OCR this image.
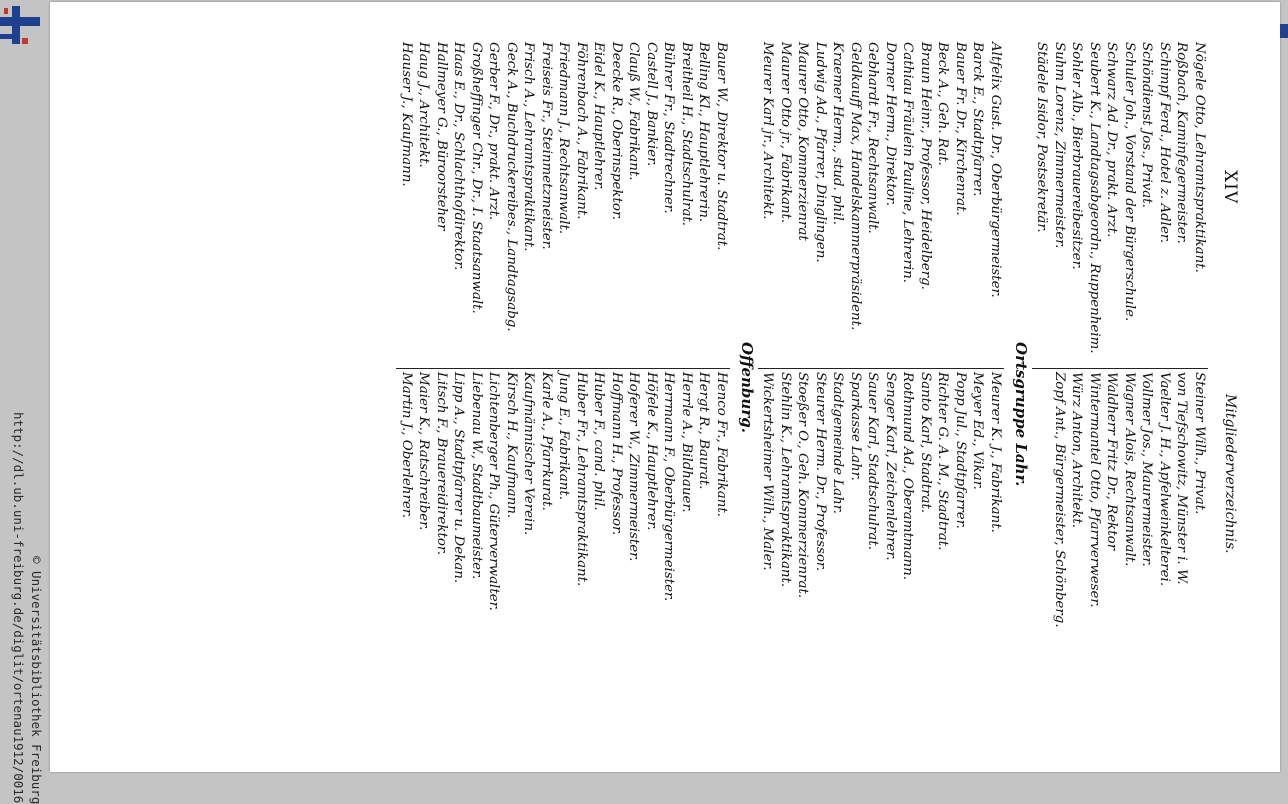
http://dl.ub.uni-freiburg.de/diglit/ortenau1912/0016 © Universitätsbibliothek Freiburg
XIV
Mitgliederverzeichnis.
Nögele Otto, Lehramtspraktikant.
Roßbach, Kaminfegermeister.
Schimpf Ferd., Hotel z. Adler.
Schöndienst Jos., Privat.
Schuler Joh., Vorstand der Bürgerschule.
Schwarz Ad. Dr., prakt. Arzt.
Seubert K., Landtagsabgeordn., Ruppenheim.
Sohler Alb., Bierbrauereibesitzer.
Suhm Lorenz, Zimmermeister.
Städele Isidor, Postsekretär.
Steiner Wilh., Privat.
von Tiefschowitz, Münster i. W.
Vaelter J. H., Apfelweinkelterei.
Vollmer Jos., Maurermeister.
Wagner Alois, Rechtsanwalt.
Waldherr Fritz Dr., Rektor
Wintermantel Otto, Pfarrverweser.
Würz Anton, Architekt.
Zopf Ant., Bürgermeister, Schönberg.
Ortsgruppe Lahr.
Altfelix Gust. Dr., Oberbürgermeister.
Barck E., Stadtpfarrer.
Bauer Fr. Dr., Kirchenrat.
Beck A., Geh. Rat.
Braun Heinr., Professor, Heidelberg.
Cathiau Fräulein Pauline, Lehrerin.
Dorner Herm., Direktor.
Gebhardt Fr., Rechtsanwalt.
Geldkauff Max, Handelskammerpräsident.
Kraemer Herm., stud. phil.
Ludwig Ad., Pfarrer, Dinglingen.
Maurer Otto, Kommerzienrat
Maurer Otto jr., Fabrikant.
Meurer Karl jr., Architekt.
Meurer K. J., Fabrikant.
Meyer Ed., Vikar.
Popp Jul., Stadtpfarrer.
Richter G. A. M., Stadtrat.
Santo Karl, Stadtrat.
Rothmund Ad., Oberamtmann.
Senger Karl, Zeichenlehrer.
Sauer Karl, Stadtschulrat.
Sparkasse Lahr.
Stadtgemeinde Lahr.
Steurer Herm. Dr., Professor.
Stoeßer O., Geh. Kommerzienrat.
Stehlin K., Lehramtspraktikant.
Wickertsheimer Wilh., Maler.
Offenburg.
Bauer W., Direktor u. Stadtrat.
Belling Kl., Hauptlehrerin.
Breitheil H., Stadtschulrat.
Bührer Fr., Stadtrechner.
Castell J., Bankier.
Clauß W., Fabrikant.
Deecke R., Oberinspektor.
Eidel K., Hauptlehrer.
Föhrenbach A., Fabrikant.
Friedmann J., Rechtsanwalt.
Freiseis Fr., Steinmetzmeister.
Frisch A., Lehramtspraktikant.
Geck A., Buchdruckereibes., Landtagsabg.
Gerber F., Dr., prakt. Arzt.
Großheffinger Chr., Dr., I. Staatsanwalt.
Haas E., Dr., Schlachthofdirektor.
Hallmeyer G., Büroorsteher
Haug J., Architekt.
Hauser J., Kaufmann.
Henco Fr., Fabrikant.
Hergt R., Baurat.
Herrle A., Bildhauer.
Herrmann F., Oberbürgermeister.
Höfele K., Hauptlehrer.
Hoferer W., Zimmermeister.
Hoffmann H., Professor.
Huber F., cand. phil.
Huber Fr., Lehramtspraktikant.
Jung E., Fabrikant.
Karle A., Pfarrkurat.
Kaufmännischer Verein.
Kirsch H., Kaufmann.
Lichtenberger Ph., Güterverwalter.
Liebenau W., Stadtbaumeister.
Lipp A., Stadtpfarrer u. Dekan.
Litsch F., Brauereidirektor.
Maier K., Ratschreiber.
Martin J., Oberlehrer.
